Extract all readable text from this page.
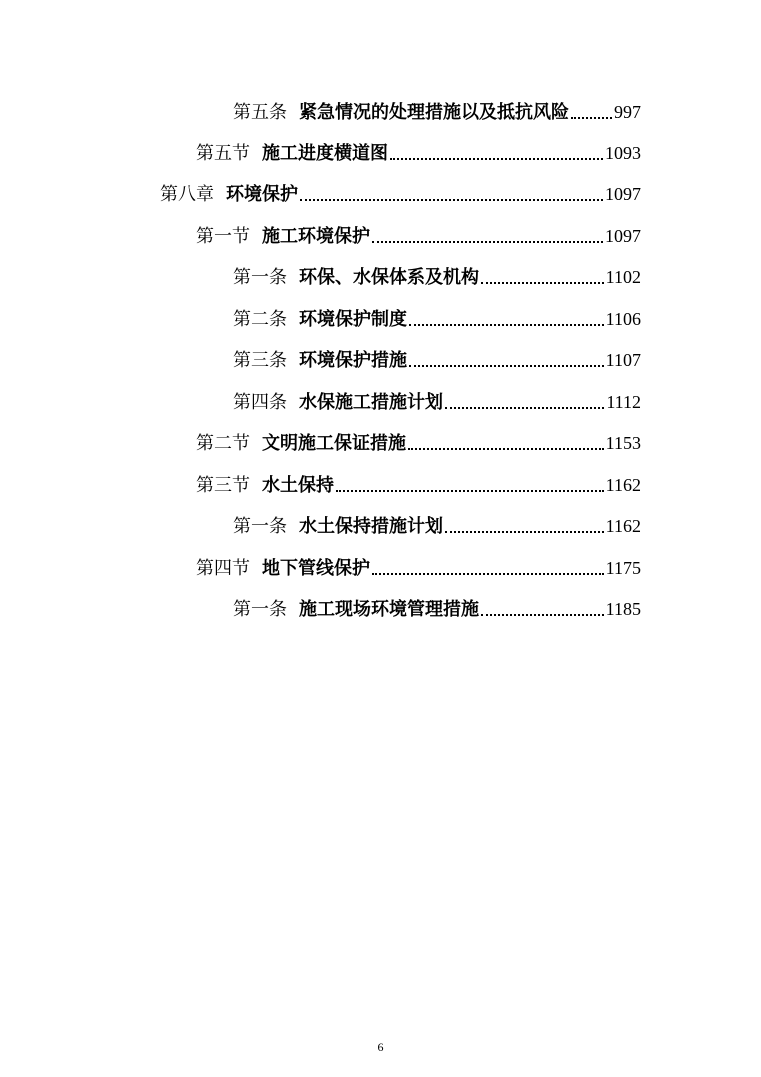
第五条 紧急情况的处理措施以及抵抗风险	997
第五节 施工进度横道图	1093
第八章 环境保护	1097
第一节 施工环境保护	1097
第一条 环保、水保体系及机构	1102
第二条 环境保护制度	1106
第三条 环境保护措施	1107
第四条 水保施工措施计划	1112
第二节 文明施工保证措施	1153
第三节 水土保持	1162
第一条 水土保持措施计划	1162
第四节 地下管线保护	1175
第一条 施工现场环境管理措施	1185
6
